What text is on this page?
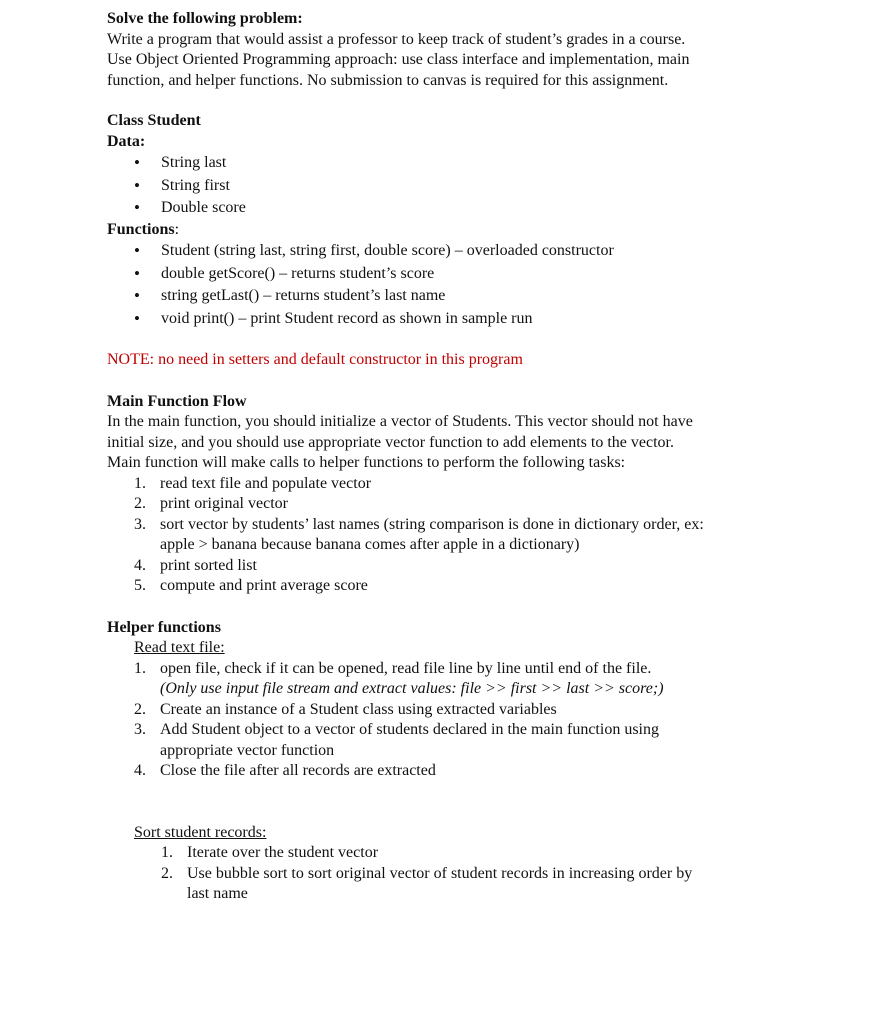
Solve the following problem:

Write a program that would assist a professor to keep track of student’s grades in a course.

Use Object Oriented Programming approach: use class interface and implementation, main

function, and helper functions. No submission to canvas is required for this assignment.

Class Student

Data:

• String last
• String first
• Double score

Functions:

• Student (string last, string first, double score) – overloaded constructor
• double getScore() – returns student’s score
• string getLast() – returns student’s last name
• void print() – print Student record as shown in sample run

NOTE: no need in setters and default constructor in this program

Main Function Flow

In the main function, you should initialize a vector of Students. This vector should not have

initial size, and you should use appropriate vector function to add elements to the vector.

Main function will make calls to helper functions to perform the following tasks:

1. read text file and populate vector
2. print original vector
3. sort vector by students’ last names (string comparison is done in dictionary order, ex:
apple > banana because banana comes after apple in a dictionary)
4. print sorted list
5. compute and print average score

Helper functions

Read text file:

1. open file, check if it can be opened, read file line by line until end of the file.
(Only use input file stream and extract values: file >> first >> last >> score;)
2. Create an instance of a Student class using extracted variables
3. Add Student object to a vector of students declared in the main function using
appropriate vector function
4. Close the file after all records are extracted

Sort student records:

1. Iterate over the student vector
2. Use bubble sort to sort original vector of student records in increasing order by
last name
